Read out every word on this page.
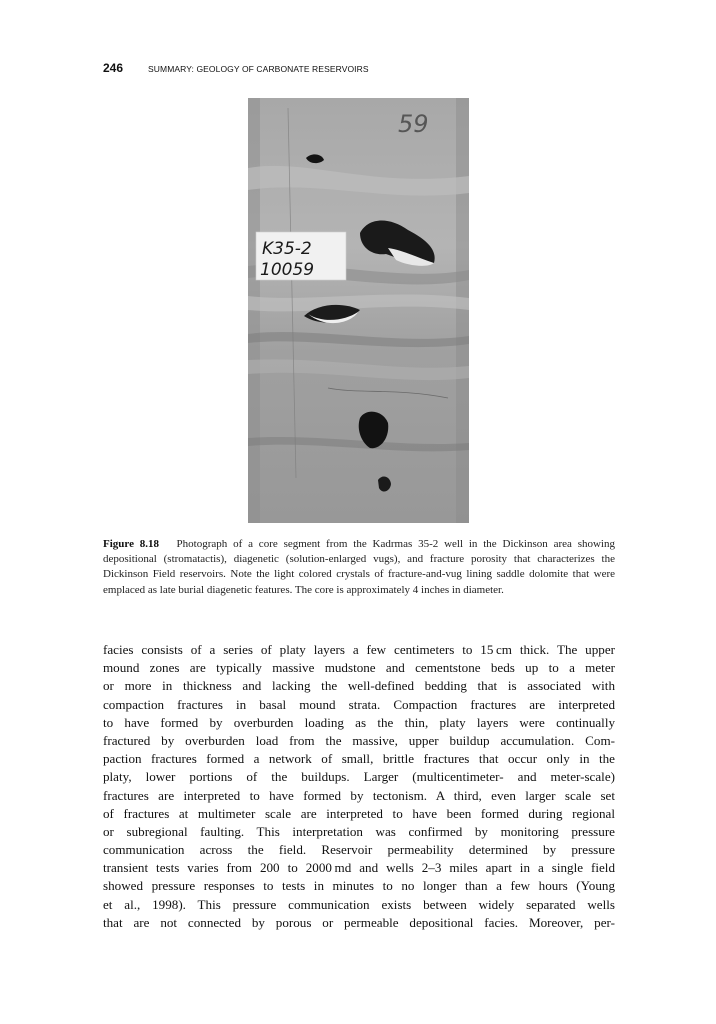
246	SUMMARY: GEOLOGY OF CARBONATE RESERVOIRS
K35-2
10059
59

Figure 8.18 Photograph of a core segment from the Kadrmas 35-2 well in the Dickinson area showing depositional (stromatactis), diagenetic (solution-enlarged vugs), and fracture porosity that characterizes the Dickinson Field reservoirs. Note the light colored crystals of fracture-and-vug lining saddle dolomite that were emplaced as late burial diagenetic features. The core is approximately 4 inches in diameter.

facies consists of a series of platy layers a few centimeters to 15 cm thick. The upper
mound zones are typically massive mudstone and cementstone beds up to a meter
or more in thickness and lacking the well-defined bedding that is associated with
compaction fractures in basal mound strata. Compaction fractures are interpreted
to have formed by overburden loading as the thin, platy layers were continually
fractured by overburden load from the massive, upper buildup accumulation. Com-
paction fractures formed a network of small, brittle fractures that occur only in the
platy, lower portions of the buildups. Larger (multicentimeter- and meter-scale)
fractures are interpreted to have formed by tectonism. A third, even larger scale set
of fractures at multimeter scale are interpreted to have been formed during regional
or subregional faulting. This interpretation was confirmed by monitoring pressure
communication across the field. Reservoir permeability determined by pressure
transient tests varies from 200 to 2000 md and wells 2–3 miles apart in a single field
showed pressure responses to tests in minutes to no longer than a few hours (Young
et al., 1998). This pressure communication exists between widely separated wells
that are not connected by porous or permeable depositional facies. Moreover, per-
